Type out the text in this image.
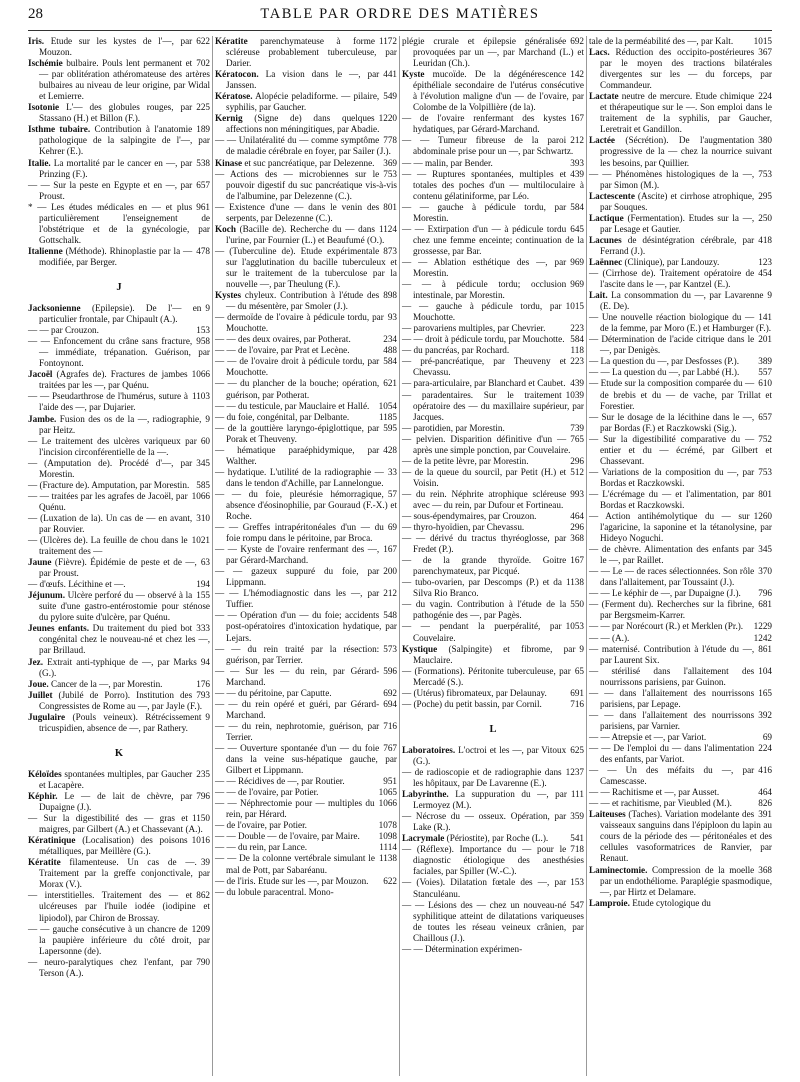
28	TABLE PAR ORDRE DES MATIÈRES
622
Iris. Etude sur les kystes de l'—, par Mouzon.
702
Ischémie bulbaire. Pouls lent permanent et — par oblitération athéromateuse des artères bulbaires au niveau de leur origine, par Widal et Lemierre.
225
Isotonie L'— des globules rouges, par Stassano (H.) et Billon (F.).
189
Isthme tubaire. Contribution à l'anatomie pathologique de la salpingite de l'—, par Kehrer (E.).
538
Italie. La mortalité par le cancer en —, par Prinzing (F.).
657
— — Sur la peste en Egypte et en —, par Proust.
961
* — Les études médicales en — et plus particulièrement l'enseignement de l'obstétrique et de la gynécologie, par Gottschalk.
478
Italienne (Méthode). Rhinoplastie par la — modifiée, par Berger.
J
9
Jacksonienne (Epilepsie). De l'— en particulier frontale, par Chipault (A.).
153
— — par Crouzon.
958
— — Enfoncement du crâne sans fracture, — immédiate, trépanation. Guérison, par Fontoynont.
1066
Jacoël (Agrafes de). Fractures de jambes traitées par les —, par Quénu.
1103
— — Pseudarthrose de l'humérus, suture à l'aide des —, par Dujarier.
9
Jambe. Fusion des os de la —, radiographie, par Heitz.
60
— Le traitement des ulcères variqueux par l'incision circonférentielle de la —.
345
— (Amputation de). Procédé d'—, par Morestin.
585
— (Fracture de). Amputation, par Morestin.
1066
— — traitées par les agrafes de Jacoël, par Quénu.
310
— (Luxation de la). Un cas de — en avant, par Rouvier.
1021
— (Ulcères de). La feuille de chou dans le traitement des —
63
Jaune (Fièvre). Épidémie de peste et de —, par Proust.
194
— d'œufs. Lécithine et —.
155
Jéjunum. Ulcère perforé du — observé à la suite d'une gastro-entérostomie pour sténose du pylore suite d'ulcère, par Quénu.
333
Jeunes enfants. Du traitement du pied bot congénital chez le nouveau-né et chez les —, par Brillaud.
94
Jez. Extrait anti-typhique de —, par Marks (G.).
176
Joue. Cancer de la —, par Morestin.
793
Juillet (Jubilé de Porro). Institution des Congressistes de Rome au —, par Jayle (F.).
9
Jugulaire (Pouls veineux). Rétrécissement tricuspidien, absence de —, par Rathery.
K
235
Kéloïdes spontanées multiples, par Gaucher et Lacapère.
796
Képhir. Le — de lait de chèvre, par Dupaigne (J.).
1150
— Sur la digestibilité des — gras et maigres, par Gilbert (A.) et Chassevant (A.).
1016
Kératinique (Localisation) des poisons métalliques, par Meillère (G.).
39
Kératite filamenteuse. Un cas de —. Traitement par la greffe conjonctivale, par Morax (V.).
862
— interstitielles. Traitement des — et ulcéreuses par l'huile iodée (iodipine et lipiodol), par Chiron de Brossay.
1209
— — gauche consécutive à un chancre de la paupière inférieure du côté droit, par Lapersonne (de).
790
— neuro-paralytiques chez l'enfant, par Terson (A.).
1172
Kératite parenchymateuse à forme scléreuse probablement tuberculeuse, par Darier.
441
Kératocon. La vision dans le —, par Janssen.
549
Kératose. Alopécie peladiforme. — pilaire, syphilis, par Gaucher.
1220
Kernig (Signe de) dans quelques affections non méningitiques, par Abadie.
778
— — Unilatéralité du — comme symptôme de maladie cérébrale en foyer, par Sailer (J.).
369
Kinase et suc pancréatique, par Delezenne.
753
— Actions des — microbiennes sur le pouvoir digestif du suc pancréatique vis-à-vis de l'albumine, par Delezenne (C.).
801
— Existence d'une — dans le venin des serpents, par Delezenne (C.).
1124
Koch (Bacille de). Recherche du — dans l'urine, par Fournier (L.) et Beaufumé (O.).
873
— (Tuberculine de). Etude expérimentale sur l'agglutination du bacille tuberculeux et sur le traitement de la tuberculose par la nouvelle —, par Theulung (F.).
898
Kystes chyleux. Contribution à l'étude des — du mésentère, par Smoler (J.).
93
— dermoïde de l'ovaire à pédicule tordu, par Mouchotte.
234
— — des deux ovaires, par Potherat.
488
— — de l'ovaire, par Prat et Lecène.
584
— — de l'ovaire droit à pédicule tordu, par Mouchotte.
621
— — du plancher de la bouche; opération, guérison, par Potherat.
1054
— — du testicule, par Mauclaire et Hallé.
1185
— du foie, congénital, par Delbante.
595
— de la gouttière laryngo-épiglottique, par Porak et Theuveny.
428
— hématique paraéphidymique, par Walther.
33
— hydatique. L'utilité de la radiographie — dans le tendon d'Achille, par Lannelongue.
57
— — du foie, pleurésie hémorragique, absence d'éosinophilie, par Gouraud (F.-X.) et Roche.
69
— — Greffes intrapéritonéales d'un — du foie rompu dans le péritoine, par Broca.
167
— — Kyste de l'ovaire renfermant des —, par Gérard-Marchand.
200
— — gazeux suppuré du foie, par Lippmann.
212
— — L'hémodiagnostic dans les —, par Tuffier.
548
— — Opération d'un — du foie; accidents post-opératoires d'intoxication hydatique, par Lejars.
573
— — du rein traité par la résection: guérison, par Terrier.
596
— — Sur les — du rein, par Gérard-Marchand.
692
— — du péritoine, par Caputte.
694
— — du rein opéré et guéri, par Gérard-Marchand.
716
— — du rein, nephrotomie, guérison, par Terrier.
767
— — Ouverture spontanée d'un — du foie dans la veine sus-hépatique gauche, par Gilbert et Lippmann.
951
— — Récidives de —, par Routier.
1065
— — de l'ovaire, par Potier.
1066
— — Néphrectomie pour — multiples du rein, par Hérard.
1078
— de l'ovaire, par Potier.
1098
— — Double — de l'ovaire, par Maire.
1114
— — du rein, par Lance.
1138
— — De la colonne vertébrale simulant le mal de Pott, par Sabaréanu.
622
— de l'iris. Etude sur les —, par Mouzon.
— du lobule paracentral. Mono-
692
plégie crurale et épilepsie généralisée provoquées par un —, par Marchand (L.) et Leuridan (Ch.).
142
Kyste mucoïde. De la dégénérescence épithéliale secondaire de l'utérus consécutive à l'évolution maligne d'un — de l'ovaire, par Colombe de la Volpillière (de la).
167
— de l'ovaire renfermant des kystes hydatiques, par Gérard-Marchand.
212
— — Tumeur fibreuse de la paroi abdominale prise pour un —, par Schwartz.
393
— — malin, par Bender.
439
— — Ruptures spontanées, multiples et totales des poches d'un — multiloculaire à contenu gélatiniforme, par Léo.
584
— — gauche à pédicule tordu, par Morestin.
645
— — Extirpation d'un — à pédicule tordu chez une femme enceinte; continuation de la grossesse, par Bar.
969
— — Ablation esthétique des —, par Morestin.
969
— — à pédicule tordu; occlusion intestinale, par Morestin.
1015
— — gauche à pédicule tordu, par Mouchotte.
223
— parovariens multiples, par Chevrier.
584
— — droit à pédicule tordu, par Mouchotte.
118
— du pancréas, par Rochard.
223
— pré-pancréatique, par Theuveny et Chevassu.
439
— para-articulaire, par Blanchard et Caubet.
1039
— paradentaires. Sur le traitement opératoire des — du maxillaire supérieur, par Jacques.
739
— parotidien, par Morestin.
765
— pelvien. Disparition définitive d'un — après une simple ponction, par Couvelaire.
296
— de la petite lèvre, par Morestin.
512
— de la queue du sourcil, par Petit (H.) et Voisin.
993
— du rein. Néphrite atrophique scléreuse avec — du rein, par Dufour et Fortineau.
464
— sous-épendymaires, par Crouzon.
296
— thyro-hyoïdien, par Chevassu.
368
— — dérivé du tractus thyréoglosse, par Fredet (P.).
167
— de la grande thyroïde. Goitre parenchymateux, par Picqué.
1138
— tubo-ovarien, par Descomps (P.) et da Silva Rio Branco.
550
— du vagin. Contribution à l'étude de la pathogénie des —, par Pagès.
1053
— — pendant la puerpéralité, par Couvelaire.
9
Kystique (Salpingite) et fibrome, par Mauclaire.
65
— (Formations). Péritonite tuberculeuse, par Mercadé (S.).
691
— (Utérus) fibromateux, par Delaunay.
716
— (Poche) du petit bassin, par Cornil.
L
625
Laboratoires. L'octroi et les —, par Vitoux (G.).
1237
— de radioscopie et de radiographie dans les hôpitaux, par De Lavarenne (E.).
111
Labyrinthe. La suppuration du —, par Lermoyez (M.).
359
— Nécrose du — osseux. Opération, par Lake (R.).
541
Lacrymale (Périostite), par Roche (L.).
718
— (Réflexe). Importance du — pour le diagnostic étiologique des anesthésies faciales, par Spiller (W.-C.).
153
— (Voies). Dilatation fœtale des —, par Stanculéanu.
547
— — Lésions des — chez un nouveau-né syphilitique atteint de dilatations variqueuses de toutes les réseau veineux crânien, par Chaillous (J.).
— — Détermination expérimen-
1015
tale de la perméabilité des —, par Kalt.
367
Lacs. Réduction des occipito-postérieures par le moyen des tractions bilatérales divergentes sur les — du forceps, par Commandeur.
224
Lactate neutre de mercure. Etude chimique et thérapeutique sur le —. Son emploi dans le traitement de la syphilis, par Gaucher, Leretrait et Gandillon.
380
Lactée (Sécrétion). De l'augmentation progressive de la — chez la nourrice suivant les besoins, par Quillier.
753
— — Phénomènes histologiques de la —, par Simon (M.).
295
Lactescente (Ascite) et cirrhose atrophique, par Souques.
250
Lactique (Fermentation). Etudes sur la —, par Lesage et Gautier.
418
Lacunes de désintégration cérébrale, par Ferrand (J.).
123
Laënnec (Clinique), par Landouzy.
454
— (Cirrhose de). Traitement opératoire de l'ascite dans le —, par Kantzel (E.).
9
Lait. La consommation du —, par Lavarenne (E. De).
141
— Une nouvelle réaction biologique du — de la femme, par Moro (E.) et Hamburger (F.).
201
— Détermination de l'acide citrique dans le —, par Denigès.
389
— La question du —, par Desfosses (P.).
557
— — La question du —, par Labbé (H.).
610
— Etude sur la composition comparée du — de brebis et du — de vache, par Trillat et Forestier.
657
— Sur le dosage de la lécithine dans le —, par Bordas (F.) et Raczkowski (Sig.).
752
— Sur la digestibilité comparative du — entier et du — écrémé, par Gilbert et Chassevant.
753
— Variations de la composition du —, par Bordas et Raczkowski.
801
— L'écrémage du — et l'alimentation, par Bordas et Raczkowski.
1260
— Action antihémolytique du — sur l'agaricine, la saponine et la tétanolysine, par Hideyo Noguchi.
345
— de chèvre. Alimentation des enfants par le —, par Raillet.
370
— — Le — de races sélectionnées. Son rôle dans l'allaitement, par Toussaint (J.).
796
— — Le képhir de —, par Dupaigne (J.).
681
— (Ferment du). Recherches sur la fibrine, par Bergsmeim-Karrer.
1229
— — par Norécourt (R.) et Merklen (Pr.).
1242
— — (A.).
861
— maternisé. Contribution à l'étude du —, par Laurent Six.
104
— stérilisé dans l'allaitement des nourrissons parisiens, par Guinon.
165
— — dans l'allaitement des nourrissons parisiens, par Lepage.
392
— — dans l'allaitement des nourrissons parisiens, par Varnier.
69
— — Atrepsie et —, par Variot.
224
— — De l'emploi du — dans l'alimentation des enfants, par Variot.
416
— — Un des méfaits du —, par Camescasse.
464
— — Rachitisme et —, par Ausset.
826
— — et rachitisme, par Vieubled (M.).
391
Laiteuses (Taches). Variation modelante des vaisseaux sanguins dans l'épiploon du lapin au cours de la période des — péritonéales et des cellules vasoformatrices de Ranvier, par Renaut.
368
Laminectomie. Compression de la moelle par un endothéliome. Paraplégie spasmodique, —, par Hirtz et Delamare.
Lamproie. Etude cytologique du
